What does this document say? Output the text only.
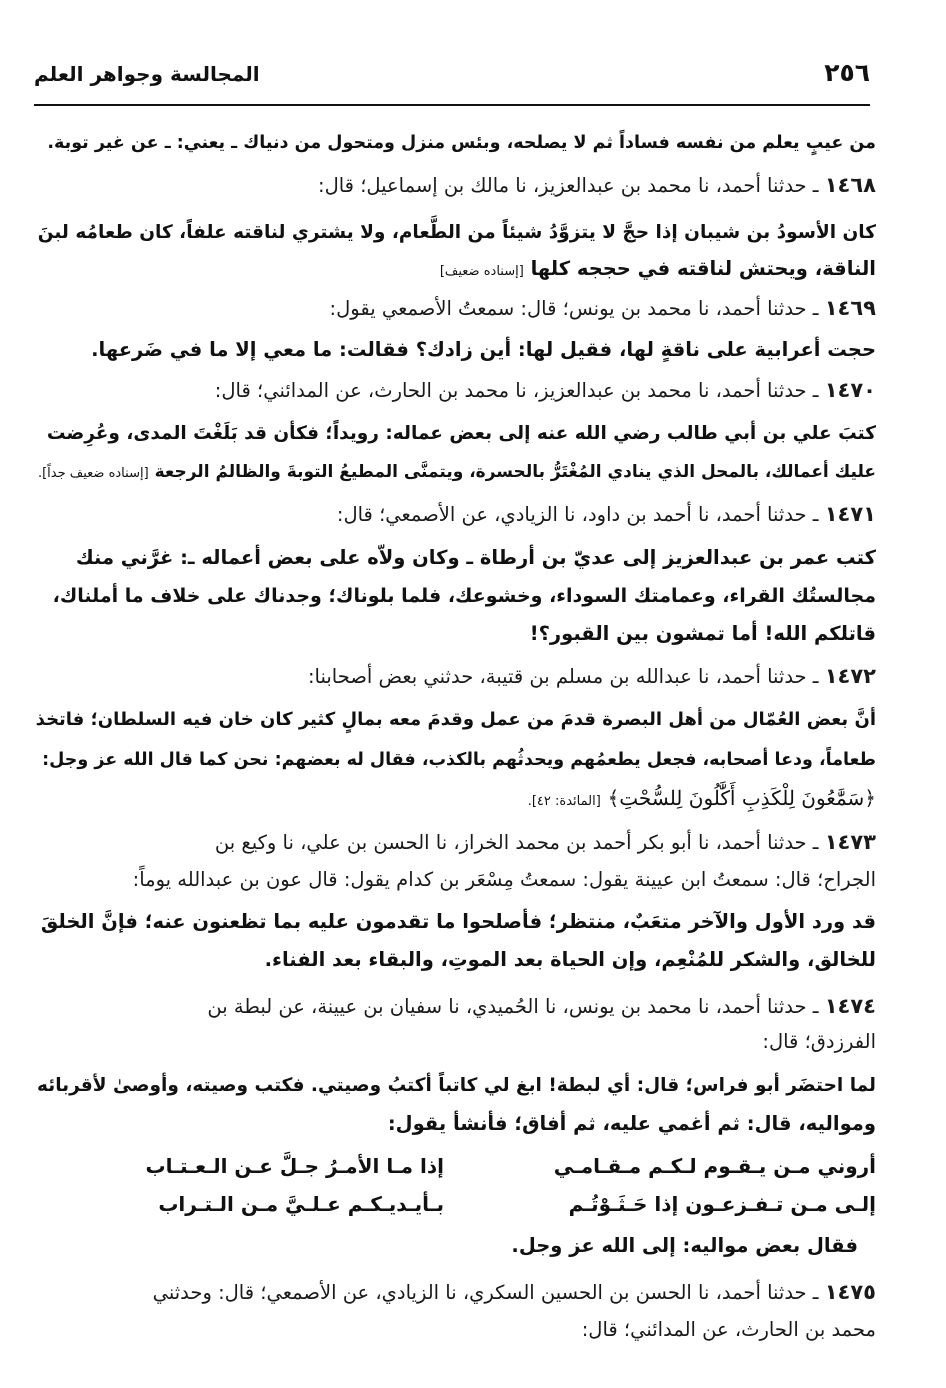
٢٥٦
المجالسة وجواهر العلم
من عيبٍ يعلم من نفسه فساداً ثم لا يصلحه، وبئس منزل ومتحول من دنياك ـ يعني: ـ عن غير توبة.
١٤٦٨ ـ حدثنا أحمد، نا محمد بن عبدالعزيز، نا مالك بن إسماعيل؛ قال:
كان الأسودُ بن شيبان إذا حجَّ لا يتزوَّدُ شيئاً من الطَّعام، ولا يشتري لناقته علفاً، كان طعامُه لبنَ
الناقة، ويحتش لناقته في حججه كلها [إسناده ضعيف]
١٤٦٩ ـ حدثنا أحمد، نا محمد بن يونس؛ قال: سمعتُ الأصمعي يقول:
حجت أعرابية على ناقةٍ لها، فقيل لها: أين زادك؟ فقالت: ما معي إلا ما في ضَرعها.
١٤٧٠ ـ حدثنا أحمد، نا محمد بن عبدالعزيز، نا محمد بن الحارث، عن المدائني؛ قال:
كتبَ علي بن أبي طالب رضي الله عنه إلى بعض عماله: رويداً؛ فكأن قد بَلَغْتَ المدى، وعُرِضت
عليك أعمالك، بالمحل الذي ينادي المُغْتَرُّ بالحسرة، ويتمنَّى المطيعُ التوبةَ والظالمُ الرجعة [إسناده ضعيف جداً].
١٤٧١ ـ حدثنا أحمد، نا أحمد بن داود، نا الزيادي، عن الأصمعي؛ قال:
كتب عمر بن عبدالعزيز إلى عديّ بن أرطاة ـ وكان ولاّه على بعض أعماله ـ: غرَّني منك
مجالستُك القراء، وعمامتك السوداء، وخشوعك، فلما بلوناك؛ وجدناك على خلاف ما أملناك،
قاتلكم الله! أما تمشون بين القبور؟!
١٤٧٢ ـ حدثنا أحمد، نا عبدالله بن مسلم بن قتيبة، حدثني بعض أصحابنا:
أنَّ بعض العُمّال من أهل البصرة قدمَ من عمل وقدمَ معه بمالٍ كثير كان خان فيه السلطان؛ فاتخذ
طعاماً، ودعا أصحابه، فجعل يطعمُهم ويحدثُهم بالكذب، فقال له بعضهم: نحن كما قال الله عز وجل:
﴿سَمَّٰعُونَ لِلْكَذِبِ أَكَّٰلُونَ لِلسُّحْتِ﴾ [المائدة: ٤٢].
١٤٧٣ ـ حدثنا أحمد، نا أبو بكر أحمد بن محمد الخراز، نا الحسن بن علي، نا وكيع بن
الجراح؛ قال: سمعتُ ابن عيينة يقول: سمعتُ مِسْعَر بن كدام يقول: قال عون بن عبدالله يوماً:
قد ورد الأول والآخر متعَبٌ، منتظر؛ فأصلحوا ما تقدمون عليه بما تظعنون عنه؛ فإنَّ الخلقَ
للخالق، والشكر للمُنْعِم، وإن الحياة بعد الموتِ، والبقاء بعد الفناء.
١٤٧٤ ـ حدثنا أحمد، نا محمد بن يونس، نا الحُميدي، نا سفيان بن عيينة، عن لبطة بن
الفرزدق؛ قال:
لما احتضَر أبو فراس؛ قال: أي لبطة! ابغ لي كاتباً أكتبُ وصيتي. فكتب وصيته، وأوصىٰ لأقربائه
ومواليه، قال: ثم أغمي عليه، ثم أفاق؛ فأنشأ يقول:
أروني مـن يـقـوم لـكـم مـقـامـي
إذا مـا الأمـرُ جـلَّ عـن الـعـتـاب
إلـى مـن تـفـزعـون إذا حَـثَـوْتُـم
بـأيـديـكـم عـلـيَّ مـن الـتـراب
فقال بعض مواليه: إلى الله عز وجل.
١٤٧٥ ـ حدثنا أحمد، نا الحسن بن الحسين السكري، نا الزيادي، عن الأصمعي؛ قال: وحدثني
محمد بن الحارث، عن المدائني؛ قال:
